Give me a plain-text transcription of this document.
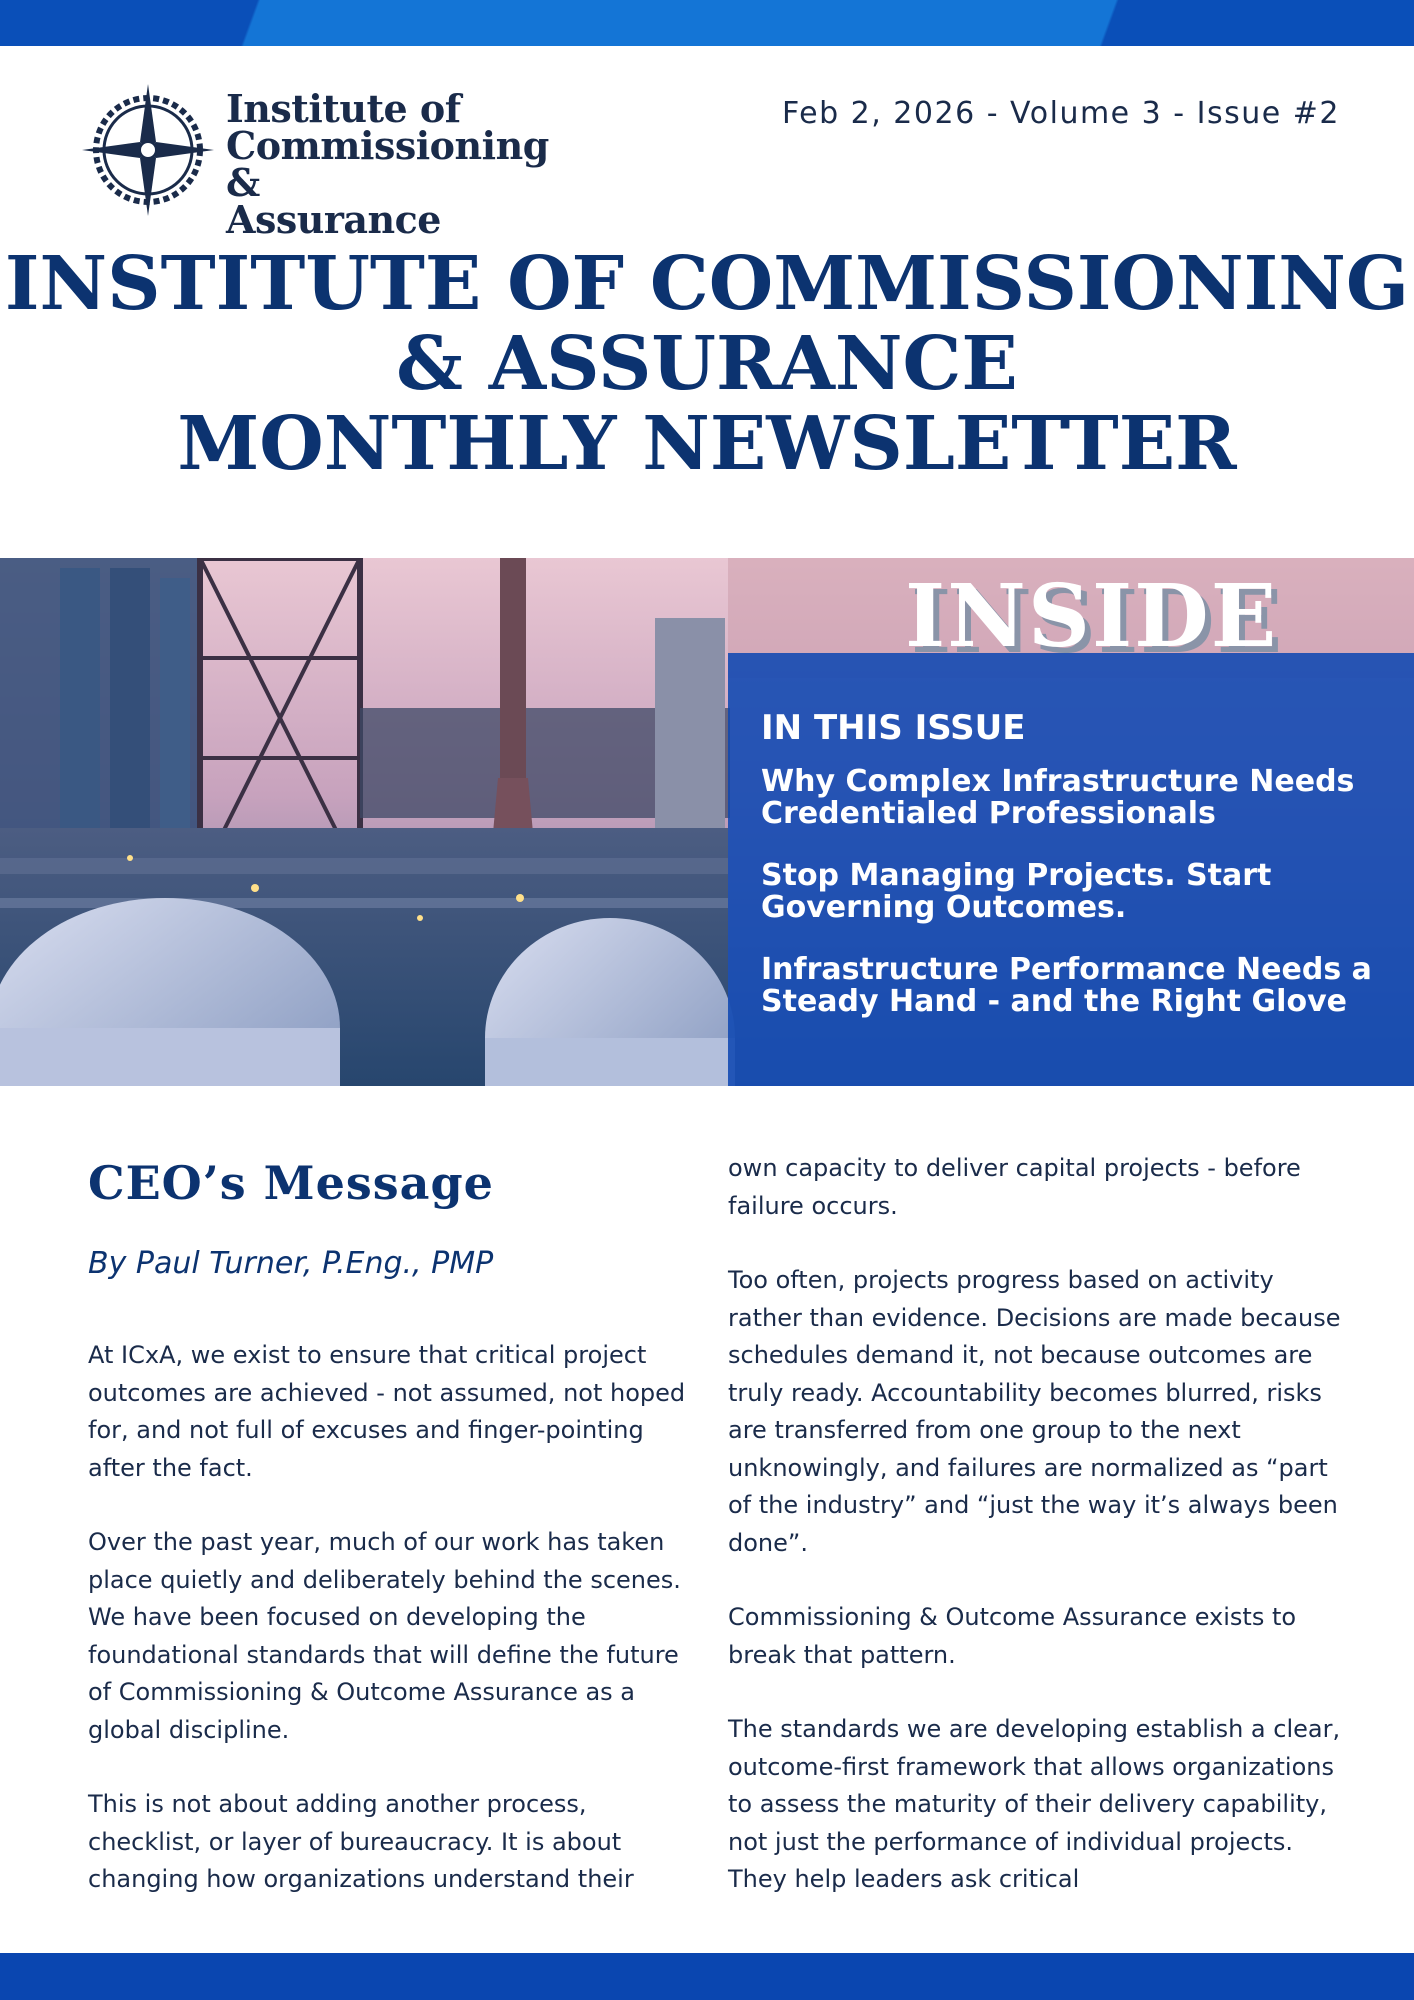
Institute of
Commissioning &
Assurance
Feb 2, 2026 - Volume 3 - Issue #2
INSTITUTE OF COMMISSIONING
& ASSURANCE
MONTHLY NEWSLETTER
INSIDE
IN THIS ISSUE
Why Complex Infrastructure Needs Credentialed Professionals
Stop Managing Projects. Start Governing Outcomes.
Infrastructure Performance Needs a Steady Hand - and the Right Glove
CEO’s Message
By Paul Turner, P.Eng., PMP

At ICxA, we exist to ensure that critical project outcomes are achieved - not assumed, not hoped for, and not full of excuses and finger-pointing after the fact.

Over the past year, much of our work has taken place quietly and deliberately behind the scenes. We have been focused on developing the foundational standards that will define the future of Commissioning & Outcome Assurance as a global discipline.

This is not about adding another process, checklist, or layer of bureaucracy. It is about changing how organizations understand their

own capacity to deliver capital projects - before failure occurs.

Too often, projects progress based on activity rather than evidence. Decisions are made because schedules demand it, not because outcomes are truly ready. Accountability becomes blurred, risks are transferred from one group to the next unknowingly, and failures are normalized as “part of the industry” and “just the way it’s always been done”.

Commissioning & Outcome Assurance exists to break that pattern.

The standards we are developing establish a clear, outcome-first framework that allows organizations to assess the maturity of their delivery capability, not just the performance of individual projects. They help leaders ask critical
